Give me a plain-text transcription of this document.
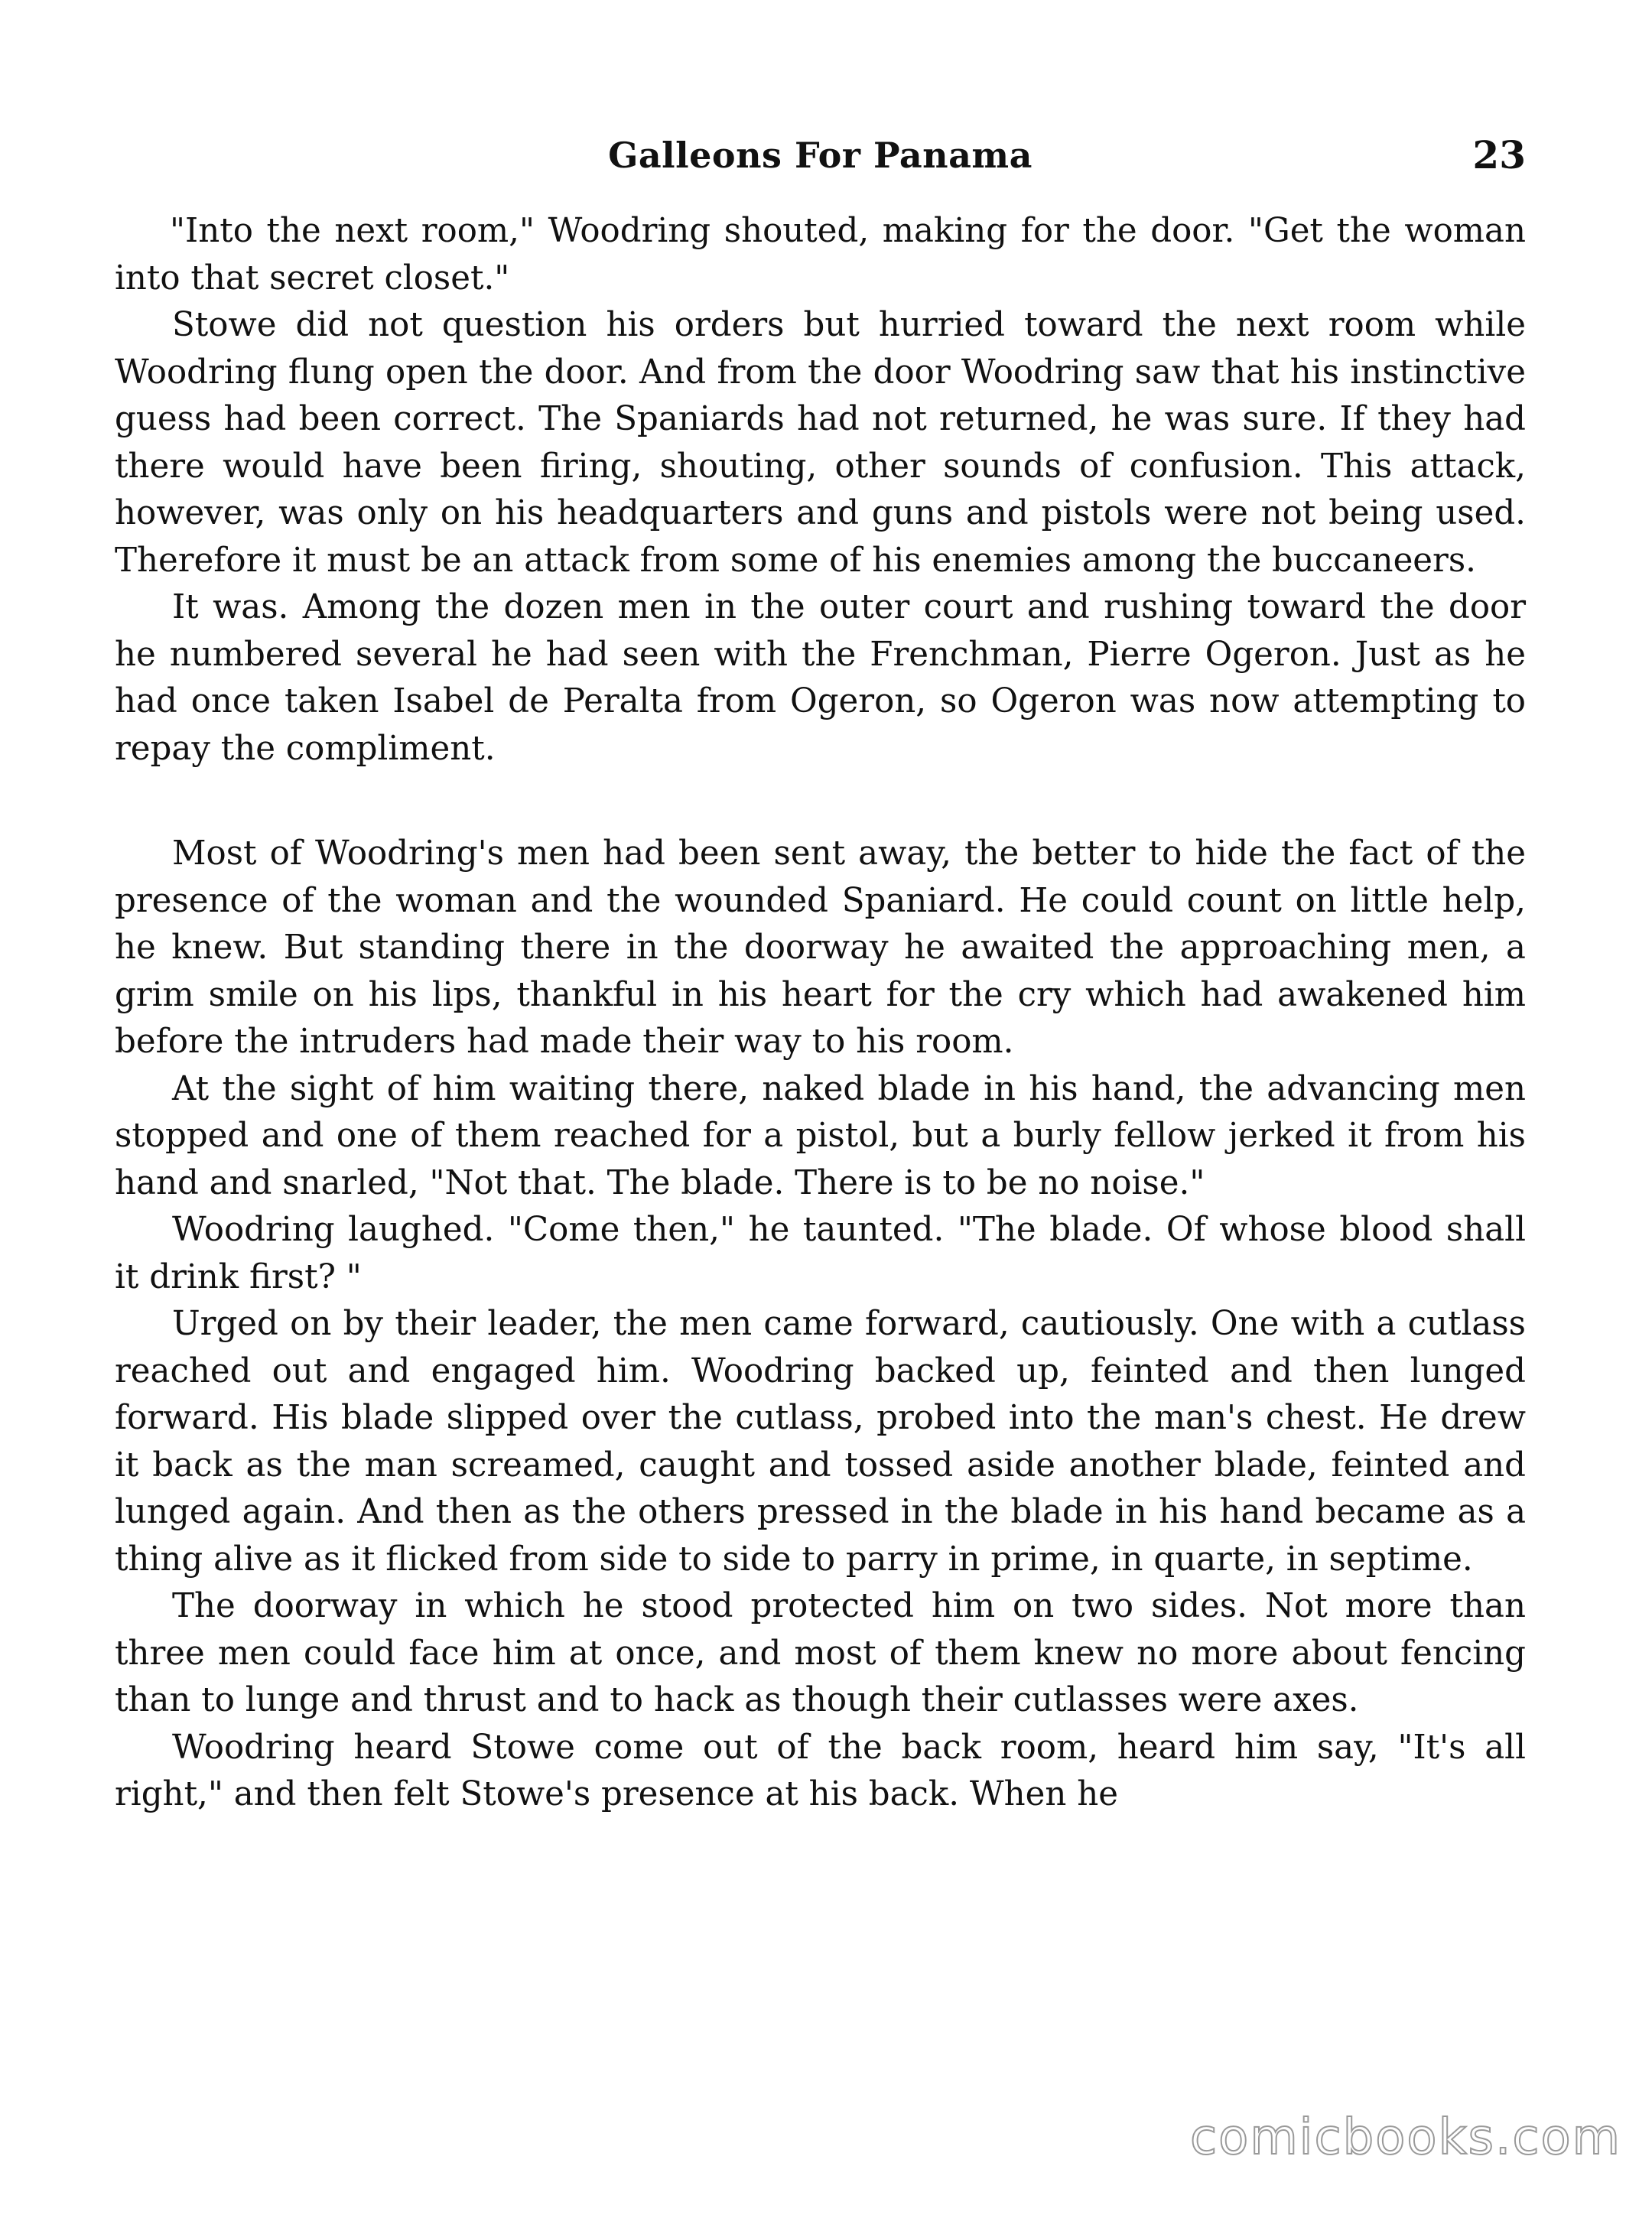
Galleons For Panama	23

"Into the next room," Woodring shouted, making for the door. "Get the woman into that secret closet."

Stowe did not question his orders but hurried toward the next room while Woodring flung open the door. And from the door Woodring saw that his instinctive guess had been correct. The Spaniards had not returned, he was sure. If they had there would have been firing, shouting, other sounds of confusion. This attack, however, was only on his headquarters and guns and pistols were not being used. Therefore it must be an attack from some of his enemies among the buccaneers.

It was. Among the dozen men in the outer court and rushing toward the door he numbered several he had seen with the Frenchman, Pierre Ogeron. Just as he had once taken Isabel de Peralta from Ogeron, so Ogeron was now attempting to repay the compliment.

Most of Woodring's men had been sent away, the better to hide the fact of the presence of the woman and the wounded Spaniard. He could count on little help, he knew. But standing there in the doorway he awaited the approaching men, a grim smile on his lips, thankful in his heart for the cry which had awakened him before the intruders had made their way to his room.

At the sight of him waiting there, naked blade in his hand, the advancing men stopped and one of them reached for a pistol, but a burly fellow jerked it from his hand and snarled, "Not that. The blade. There is to be no noise."

Woodring laughed. "Come then," he taunted. "The blade. Of whose blood shall it drink first? "

Urged on by their leader, the men came forward, cautiously. One with a cutlass reached out and engaged him. Woodring backed up, feinted and then lunged forward. His blade slipped over the cutlass, probed into the man's chest. He drew it back as the man screamed, caught and tossed aside another blade, feinted and lunged again. And then as the others pressed in the blade in his hand became as a thing alive as it flicked from side to side to parry in prime, in quarte, in septime.

The doorway in which he stood protected him on two sides. Not more than three men could face him at once, and most of them knew no more about fencing than to lunge and thrust and to hack as though their cutlasses were axes.

Woodring heard Stowe come out of the back room, heard him say, "It's all right," and then felt Stowe's presence at his back. When he

comicbooks.com
